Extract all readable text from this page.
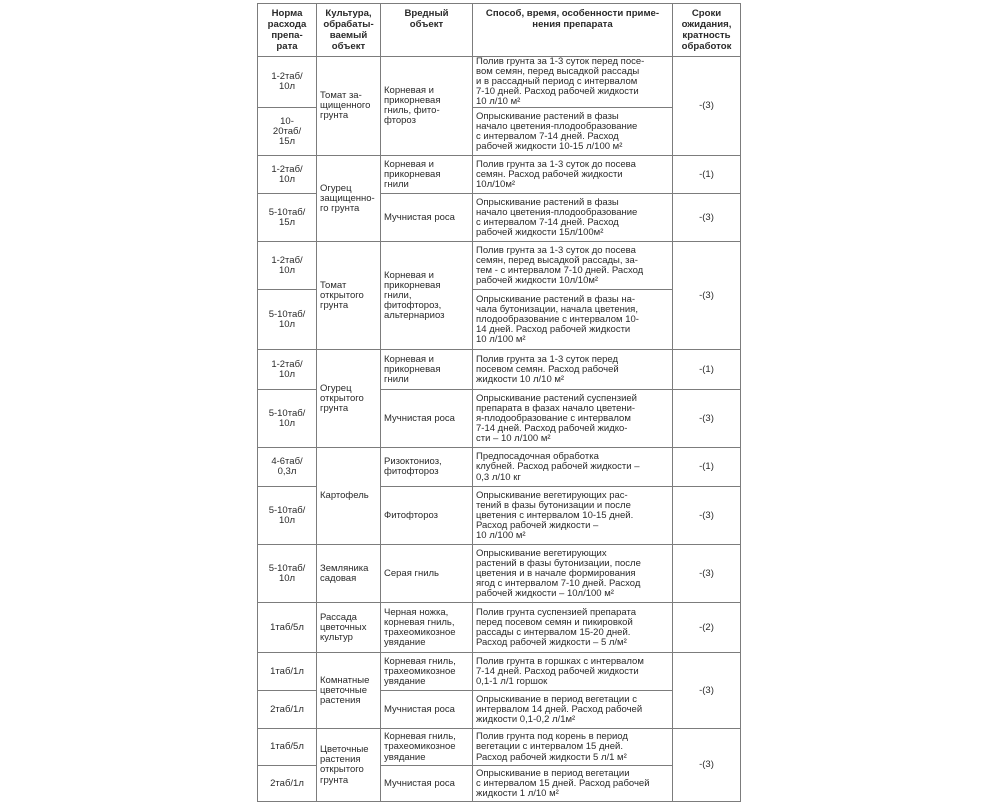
Норма
расхода
препа-
рата	Культура,
обрабаты-
ваемый
объект	Вредный
объект	Способ, время, особенности приме-
нения препарата	Сроки
ожидания,
кратность
обработок
1-2таб/
10л	Томат за-
щищенного
грунта	Корневая и
прикорневая
гниль, фито-
фтороз	Полив грунта за 1-3 суток перед посе-
вом семян, перед высадкой рассады
и в рассадный период с интервалом
7-10 дней. Расход рабочей жидкости
10 л/10 м²	-(3)
10-
20таб/
15л			Опрыскивание растений в фазы
начало цветения-плодообразование
с интервалом 7-14 дней. Расход
рабочей жидкости 10-15 л/100 м²	
1-2таб/
10л	Огурец
защищенно-
го грунта	Корневая и
прикорневая
гнили	Полив грунта за 1-3 суток до посева
семян. Расход рабочей жидкости
10л/10м²	-(1)
5-10таб/
15л		Мучнистая роса	Опрыскивание растений в фазы
начало цветения-плодообразование
с интервалом 7-14 дней. Расход
рабочей жидкости 15л/100м²	-(3)
1-2таб/
10л	Томат
открытого
грунта	Корневая и
прикорневая
гнили,
фитофтороз,
альтернариоз	Полив грунта за 1-3 суток до посева
семян, перед высадкой рассады, за-
тем - с интервалом 7-10 дней. Расход
рабочей жидкости 10л/10м²	-(3)
5-10таб/
10л			Опрыскивание растений в фазы на-
чала бутонизации, начала цветения,
плодообразование с интервалом 10-
14 дней. Расход рабочей жидкости
10 л/100 м²	
1-2таб/
10л	Огурец
открытого
грунта	Корневая и
прикорневая
гнили	Полив грунта за 1-3 суток перед
посевом семян. Расход рабочей
жидкости 10 л/10 м²	-(1)
5-10таб/
10л		Мучнистая роса	Опрыскивание растений суспензией
препарата в фазах начало цветени-
я-плодообразование с интервалом
7-14 дней. Расход рабочей жидко-
сти – 10 л/100 м²	-(3)
4-6таб/
0,3л	Картофель	Ризоктониоз,
фитофтороз	Предпосадочная обработка
клубней. Расход рабочей жидкости –
0,3 л/10 кг	-(1)
5-10таб/
10л		Фитофтороз	Опрыскивание вегетирующих рас-
тений в фазы бутонизации и после
цветения с интервалом 10-15 дней.
Расход рабочей жидкости –
10 л/100 м²	-(3)
5-10таб/
10л	Земляника
садовая	Серая гниль	Опрыскивание вегетирующих
растений в фазы бутонизации, после
цветения и в начале формирования
ягод с интервалом 7-10 дней. Расход
рабочей жидкости – 10л/100 м²	-(3)
1таб/5л	Рассада
цветочных
культур	Черная ножка,
корневая гниль,
трахеомикозное
увядание	Полив грунта суспензией препарата
перед посевом семян и пикировкой
рассады с интервалом 15-20 дней.
Расход рабочей жидкости – 5 л/м²	-(2)
1таб/1л	Комнатные
цветочные
растения	Корневая гниль,
трахеомикозное
увядание	Полив грунта в горшках с интервалом
7-14 дней. Расход рабочей жидкости
0,1-1 л/1 горшок	-(3)
2таб/1л		Мучнистая роса	Опрыскивание в период вегетации с
интервалом 14 дней. Расход рабочей
жидкости 0,1-0,2 л/1м²	
1таб/5л	Цветочные
растения
открытого
грунта	Корневая гниль,
трахеомикозное
увядание	Полив грунта под корень в период
вегетации с интервалом 15 дней.
Расход рабочей жидкости 5 л/1 м²	-(3)
2таб/1л		Мучнистая роса	Опрыскивание в период вегетации
с интервалом 15 дней. Расход рабочей
жидкости 1 л/10 м²	
